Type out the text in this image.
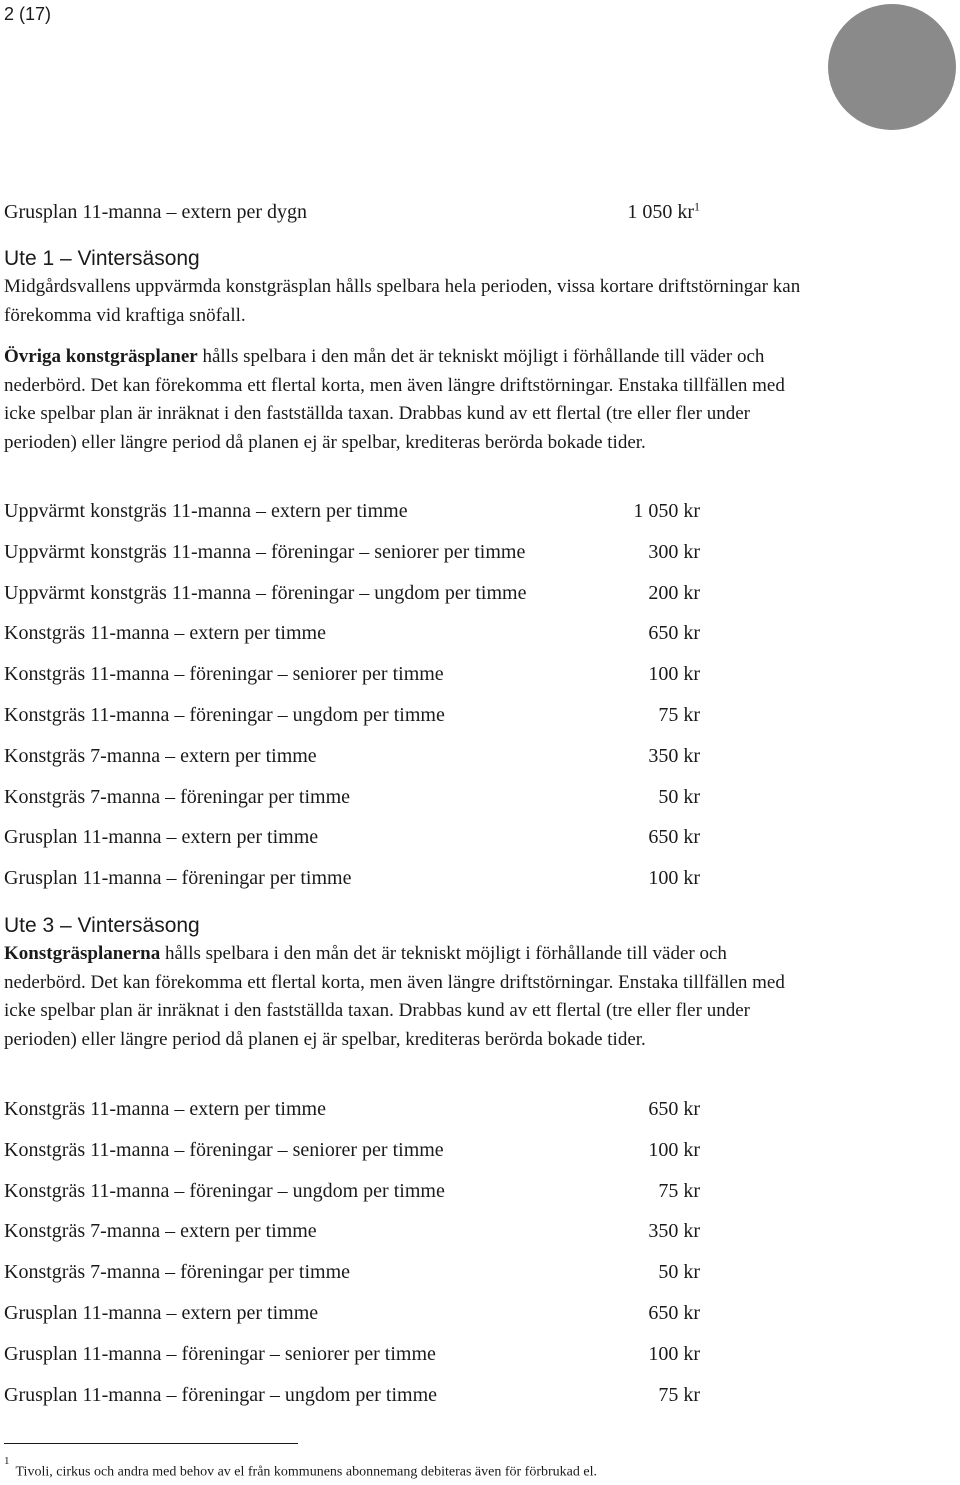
2 (17)
Grusplan 11-manna – extern per dygn	1 050 $kr^1$
Ute 1 – Vintersäsong

Midgårdsvallens uppvärmda konstgräsplan hålls spelbara hela perioden, vissa kortare driftstörningar kan förekomma vid kraftiga snöfall.

Övriga konstgräsplaner hålls spelbara i den mån det är tekniskt möjligt i förhållande till väder och nederbörd. Det kan förekomma ett flertal korta, men även längre driftstörningar. Enstaka tillfällen med icke spelbar plan är inräknat i den fastställda taxan. Drabbas kund av ett flertal (tre eller fler under perioden) eller längre period då planen ej är spelbar, krediteras berörda bokade tider.

Uppvärmt konstgräs 11-manna – extern per timme	1 050 kr
Uppvärmt konstgräs 11-manna – föreningar – seniorer per timme	300 kr
Uppvärmt konstgräs 11-manna – föreningar – ungdom per timme	200 kr
Konstgräs 11-manna – extern per timme	650 kr
Konstgräs 11-manna – föreningar – seniorer per timme	100 kr
Konstgräs 11-manna – föreningar – ungdom per timme	75 kr
Konstgräs 7-manna – extern per timme	350 kr
Konstgräs 7-manna – föreningar per timme	50 kr
Grusplan 11-manna – extern per timme	650 kr
Grusplan 11-manna – föreningar per timme	100 kr
Ute 3 – Vintersäsong

Konstgräsplanerna hålls spelbara i den mån det är tekniskt möjligt i förhållande till väder och nederbörd. Det kan förekomma ett flertal korta, men även längre driftstörningar. Enstaka tillfällen med icke spelbar plan är inräknat i den fastställda taxan. Drabbas kund av ett flertal (tre eller fler under perioden) eller längre period då planen ej är spelbar, krediteras berörda bokade tider.

Konstgräs 11-manna – extern per timme	650 kr
Konstgräs 11-manna – föreningar – seniorer per timme	100 kr
Konstgräs 11-manna – föreningar – ungdom per timme	75 kr
Konstgräs 7-manna – extern per timme	350 kr
Konstgräs 7-manna – föreningar per timme	50 kr
Grusplan 11-manna – extern per timme	650 kr
Grusplan 11-manna – föreningar – seniorer per timme	100 kr
Grusplan 11-manna – föreningar – ungdom per timme	75 kr
$^1$Tivoli, cirkus och andra med behov av el från kommunens abonnemang debiteras även för förbrukad el.
